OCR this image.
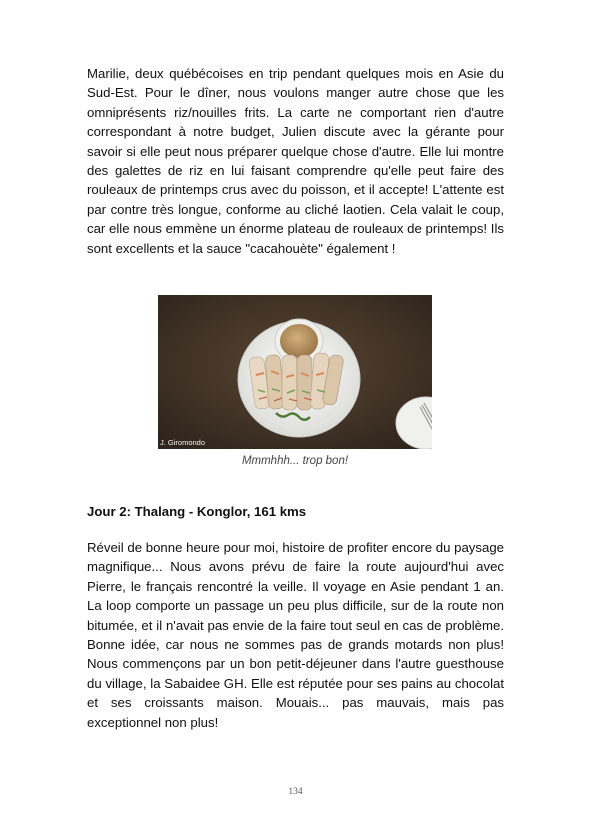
Marilie, deux québécoises en trip pendant quelques mois en Asie du Sud-Est. Pour le dîner, nous voulons manger autre chose que les omniprésents riz/nouilles frits. La carte ne comportant rien d'autre correspondant à notre budget, Julien discute avec la gérante pour savoir si elle peut nous préparer quelque chose d'autre. Elle lui montre des galettes de riz en lui faisant comprendre qu'elle peut faire des rouleaux de printemps crus avec du poisson, et il accepte! L'attente est par contre très longue, conforme au cliché laotien. Cela valait le coup, car elle nous emmène un énorme plateau de rouleaux de printemps! Ils sont excellents et la sauce "cacahouète" également !

J. Giromondo
Mmmhhh... trop bon!
Jour 2: Thalang - Konglor, 161 kms

Réveil de bonne heure pour moi, histoire de profiter encore du paysage magnifique... Nous avons prévu de faire la route aujourd'hui avec Pierre, le français rencontré la veille. Il voyage en Asie pendant 1 an. La loop comporte un passage un peu plus difficile, sur de la route non bitumée, et il n'avait pas envie de la faire tout seul en cas de problème. Bonne idée, car nous ne sommes pas de grands motards non plus! Nous commençons par un bon petit-déjeuner dans l'autre guesthouse du village, la Sabaidee GH. Elle est réputée pour ses pains au chocolat et ses croissants maison. Mouais... pas mauvais, mais pas exceptionnel non plus!

134
